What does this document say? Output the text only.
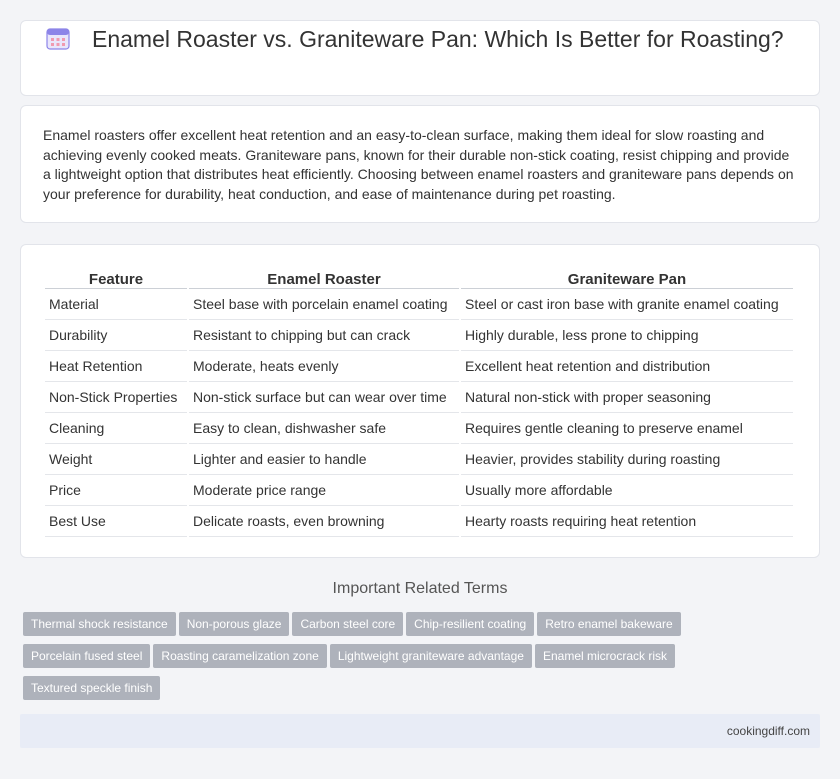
Enamel Roaster vs. Graniteware Pan: Which Is Better for Roasting?

Enamel roasters offer excellent heat retention and an easy-to-clean surface, making them ideal for slow roasting and achieving evenly cooked meats. Graniteware pans, known for their durable non-stick coating, resist chipping and provide a lightweight option that distributes heat efficiently. Choosing between enamel roasters and graniteware pans depends on your preference for durability, heat conduction, and ease of maintenance during pet roasting.

Feature	Enamel Roaster	Graniteware Pan
Material	Steel base with porcelain enamel coating	Steel or cast iron base with granite enamel coating
Durability	Resistant to chipping but can crack	Highly durable, less prone to chipping
Heat Retention	Moderate, heats evenly	Excellent heat retention and distribution
Non-Stick Properties	Non-stick surface but can wear over time	Natural non-stick with proper seasoning
Cleaning	Easy to clean, dishwasher safe	Requires gentle cleaning to preserve enamel
Weight	Lighter and easier to handle	Heavier, provides stability during roasting
Price	Moderate price range	Usually more affordable
Best Use	Delicate roasts, even browning	Hearty roasts requiring heat retention
Important Related Terms
Thermal shock resistance Non-porous glaze Carbon steel core Chip-resilient coating Retro enamel bakewarePorcelain fused steel Roasting caramelization zone Lightweight graniteware advantage Enamel microcrack riskTextured speckle finish
cookingdiff.com
